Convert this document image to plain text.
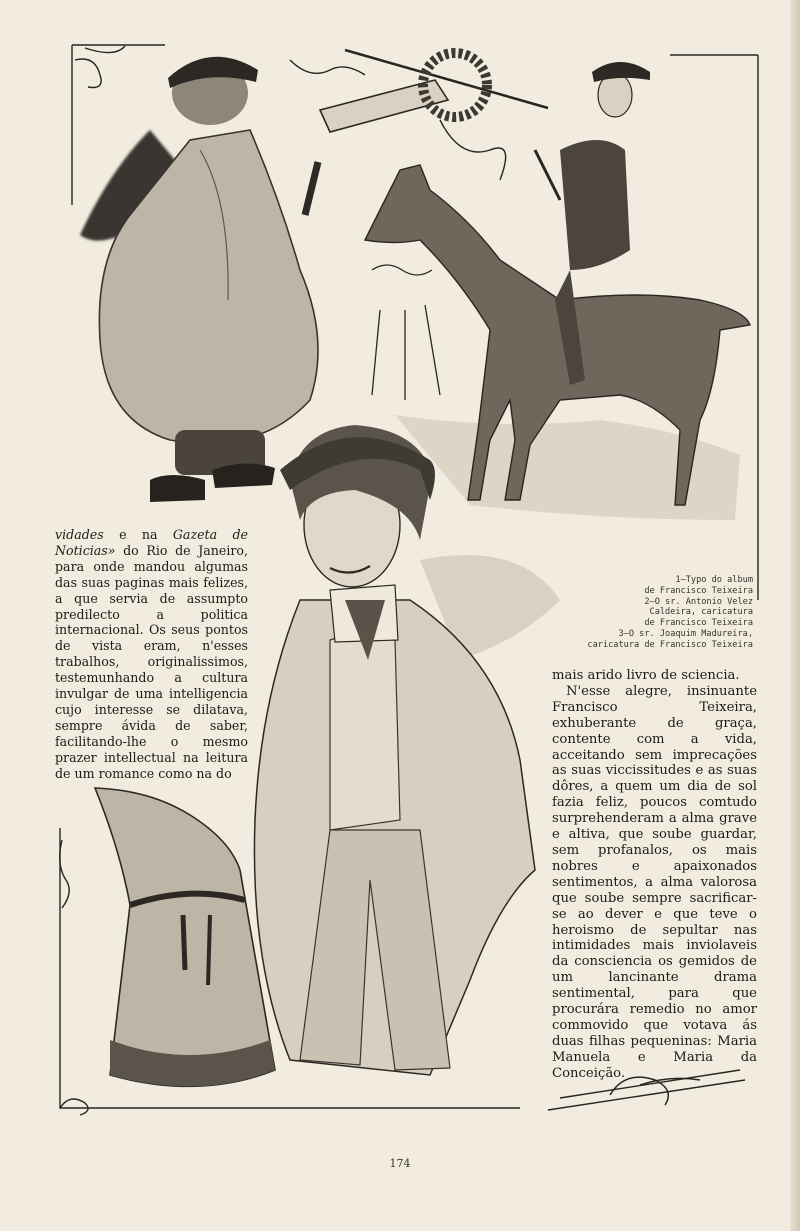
vidades e na Gazeta de Noticias» do Rio de Janeiro, para onde mandou algumas das suas paginas mais felizes, a que servia de assumpto predilecto a politica internacional. Os seus pontos de vista eram, n'esses trabalhos, originalissimos, testemunhando a cultura invulgar de uma intelligencia cujo interesse se dilatava, sempre ávida de saber, facilitando-lhe o mesmo prazer intellectual na leitura de um romance como na do

1—Typo do album
de Francisco Teixeira
2—O sr. Antonio Velez
Caldeira, caricatura
de Francisco Teixeira
3—O sr. Joaquim Madureira,
caricatura de Francisco Teixeira

mais arido livro de sciencia.

N'esse alegre, insinuante Francisco Teixeira, exhuberante de graça, contente com a vida, acceitando sem imprecações as suas viccissitudes e as suas dôres, a quem um dia de sol fazia feliz, poucos comtudo surprehenderam a alma grave e altiva, que soube guardar, sem profanalos, os mais nobres e apaixonados sentimentos, a alma valorosa que soube sempre sacrificar-se ao dever e que teve o heroismo de sepultar nas intimidades mais inviolaveis da consciencia os gemidos de um lancinante drama sentimental, para que procurára remedio no amor commovido que votava ás duas filhas pequeninas: Maria Manuela e Maria da Conceição.

174
